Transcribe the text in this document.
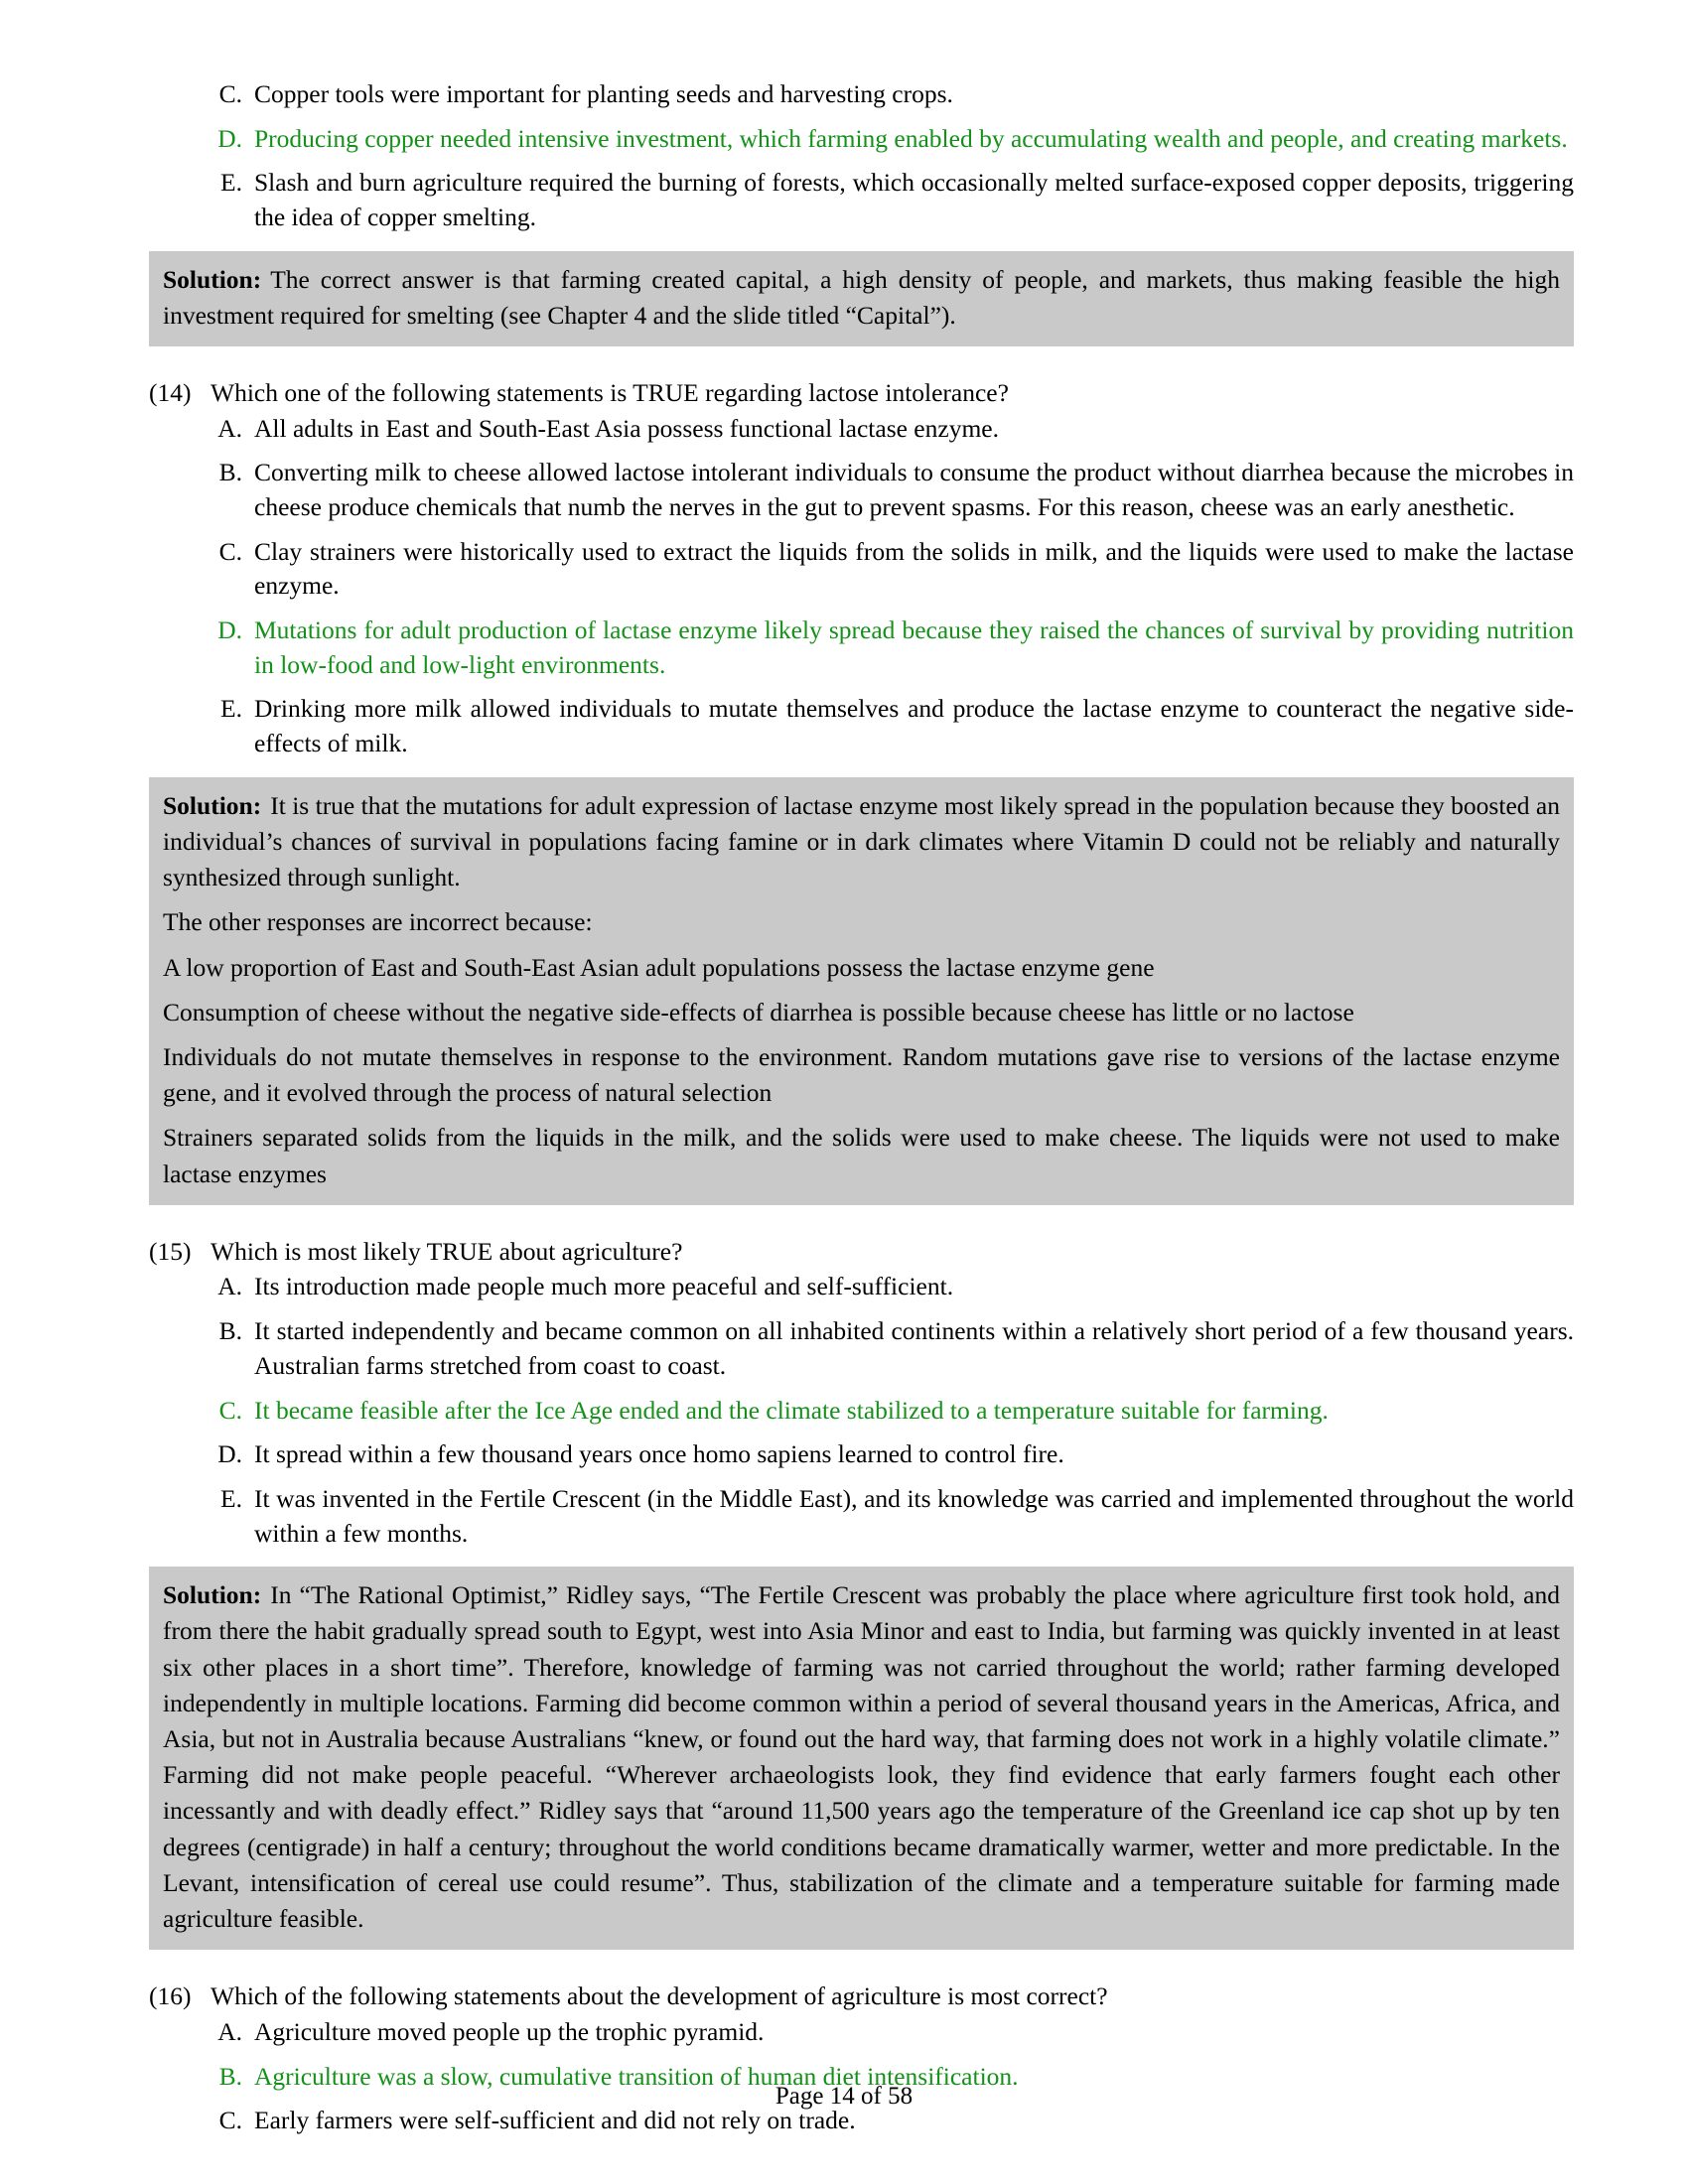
C. Copper tools were important for planting seeds and harvesting crops.
D. Producing copper needed intensive investment, which farming enabled by accumulating wealth and people, and creating markets.
E. Slash and burn agriculture required the burning of forests, which occasionally melted surface-exposed copper deposits, triggering the idea of copper smelting.

Solution: The correct answer is that farming created capital, a high density of people, and markets, thus making feasible the high investment required for smelting (see Chapter 4 and the slide titled “Capital”).

(14) Which one of the following statements is TRUE regarding lactose intolerance?
A. All adults in East and South-East Asia possess functional lactase enzyme.
B. Converting milk to cheese allowed lactose intolerant individuals to consume the product without diarrhea because the microbes in cheese produce chemicals that numb the nerves in the gut to prevent spasms. For this reason, cheese was an early anesthetic.
C. Clay strainers were historically used to extract the liquids from the solids in milk, and the liquids were used to make the lactase enzyme.
D. Mutations for adult production of lactase enzyme likely spread because they raised the chances of survival by providing nutrition in low-food and low-light environments.
E. Drinking more milk allowed individuals to mutate themselves and produce the lactase enzyme to counteract the negative side-effects of milk.

Solution: It is true that the mutations for adult expression of lactase enzyme most likely spread in the population because they boosted an individual’s chances of survival in populations facing famine or in dark climates where Vitamin D could not be reliably and naturally synthesized through sunlight.

The other responses are incorrect because:

A low proportion of East and South-East Asian adult populations possess the lactase enzyme gene

Consumption of cheese without the negative side-effects of diarrhea is possible because cheese has little or no lactose

Individuals do not mutate themselves in response to the environment. Random mutations gave rise to versions of the lactase enzyme gene, and it evolved through the process of natural selection

Strainers separated solids from the liquids in the milk, and the solids were used to make cheese. The liquids were not used to make lactase enzymes

(15) Which is most likely TRUE about agriculture?
A. Its introduction made people much more peaceful and self-sufficient.
B. It started independently and became common on all inhabited continents within a relatively short period of a few thousand years. Australian farms stretched from coast to coast.
C. It became feasible after the Ice Age ended and the climate stabilized to a temperature suitable for farming.
D. It spread within a few thousand years once homo sapiens learned to control fire.
E. It was invented in the Fertile Crescent (in the Middle East), and its knowledge was carried and implemented throughout the world within a few months.

Solution: In “The Rational Optimist,” Ridley says, “The Fertile Crescent was probably the place where agriculture first took hold, and from there the habit gradually spread south to Egypt, west into Asia Minor and east to India, but farming was quickly invented in at least six other places in a short time”. Therefore, knowledge of farming was not carried throughout the world; rather farming developed independently in multiple locations. Farming did become common within a period of several thousand years in the Americas, Africa, and Asia, but not in Australia because Australians “knew, or found out the hard way, that farming does not work in a highly volatile climate.” Farming did not make people peaceful. “Wherever archaeologists look, they find evidence that early farmers fought each other incessantly and with deadly effect.” Ridley says that “around 11,500 years ago the temperature of the Greenland ice cap shot up by ten degrees (centigrade) in half a century; throughout the world conditions became dramatically warmer, wetter and more predictable. In the Levant, intensification of cereal use could resume”. Thus, stabilization of the climate and a temperature suitable for farming made agriculture feasible.

(16) Which of the following statements about the development of agriculture is most correct?
A. Agriculture moved people up the trophic pyramid.
B. Agriculture was a slow, cumulative transition of human diet intensification.
C. Early farmers were self-sufficient and did not rely on trade.
Page 14 of 58
